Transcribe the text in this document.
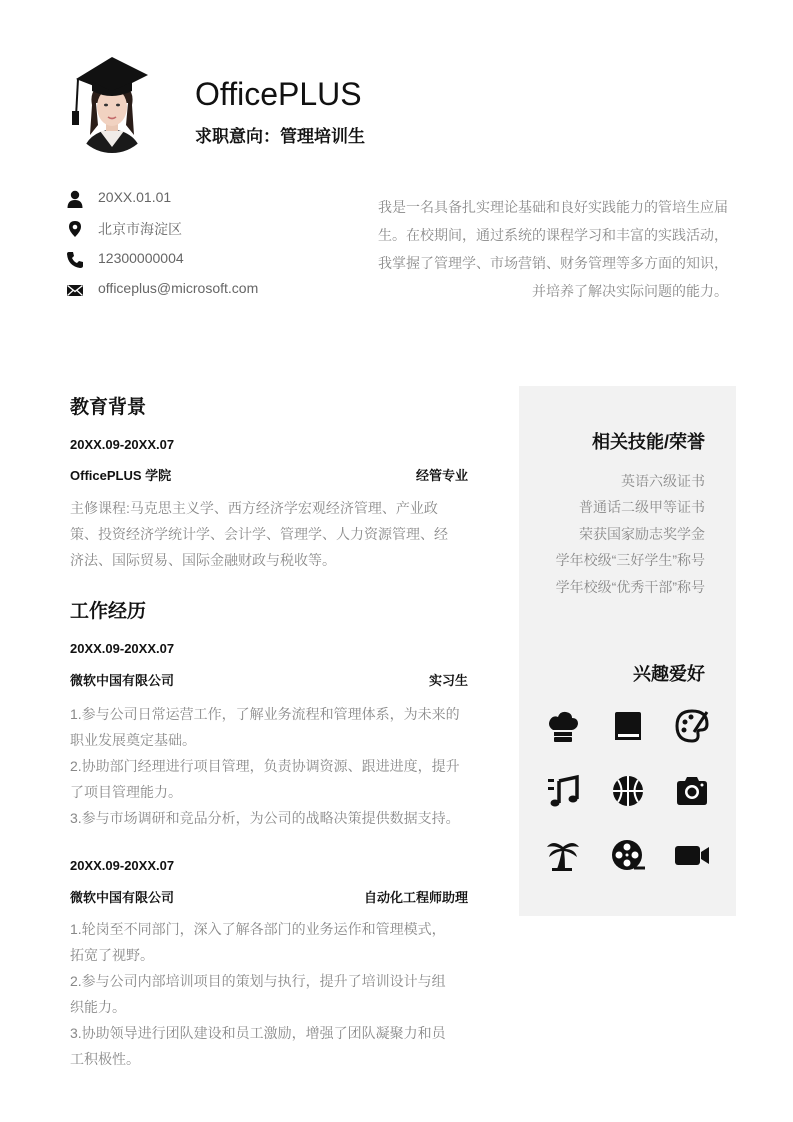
OfficePLUS
求职意向：管理培训生
20XX.01.01
北京市海淀区
12300000004
officeplus@microsoft.com
我是一名具备扎实理论基础和良好实践能力的管培生应届
生。在校期间，通过系统的课程学习和丰富的实践活动，
我掌握了管理学、市场营销、财务管理等多方面的知识，
并培养了解决实际问题的能力。
教育背景
20XX.09-20XX.07
OfficePLUS 学院	经管专业
主修课程:马克思主义学、西方经济学宏观经济管理、产业政
策、投资经济学统计学、会计学、管理学、人力资源管理、经
济法、国际贸易、国际金融财政与税收等。
工作经历
20XX.09-20XX.07
微软中国有限公司	实习生
1.参与公司日常运营工作，了解业务流程和管理体系，为未来的
职业发展奠定基础。
2.协助部门经理进行项目管理，负责协调资源、跟进进度，提升
了项目管理能力。
3.参与市场调研和竞品分析，为公司的战略决策提供数据支持。
20XX.09-20XX.07
微软中国有限公司	自动化工程师助理
1.轮岗至不同部门，深入了解各部门的业务运作和管理模式，
拓宽了视野。
2.参与公司内部培训项目的策划与执行，提升了培训设计与组
织能力。
3.协助领导进行团队建设和员工激励，增强了团队凝聚力和员
工积极性。
相关技能/荣誉
英语六级证书
普通话二级甲等证书
荣获国家励志奖学金
学年校级“三好学生”称号
学年校级“优秀干部”称号
兴趣爱好
